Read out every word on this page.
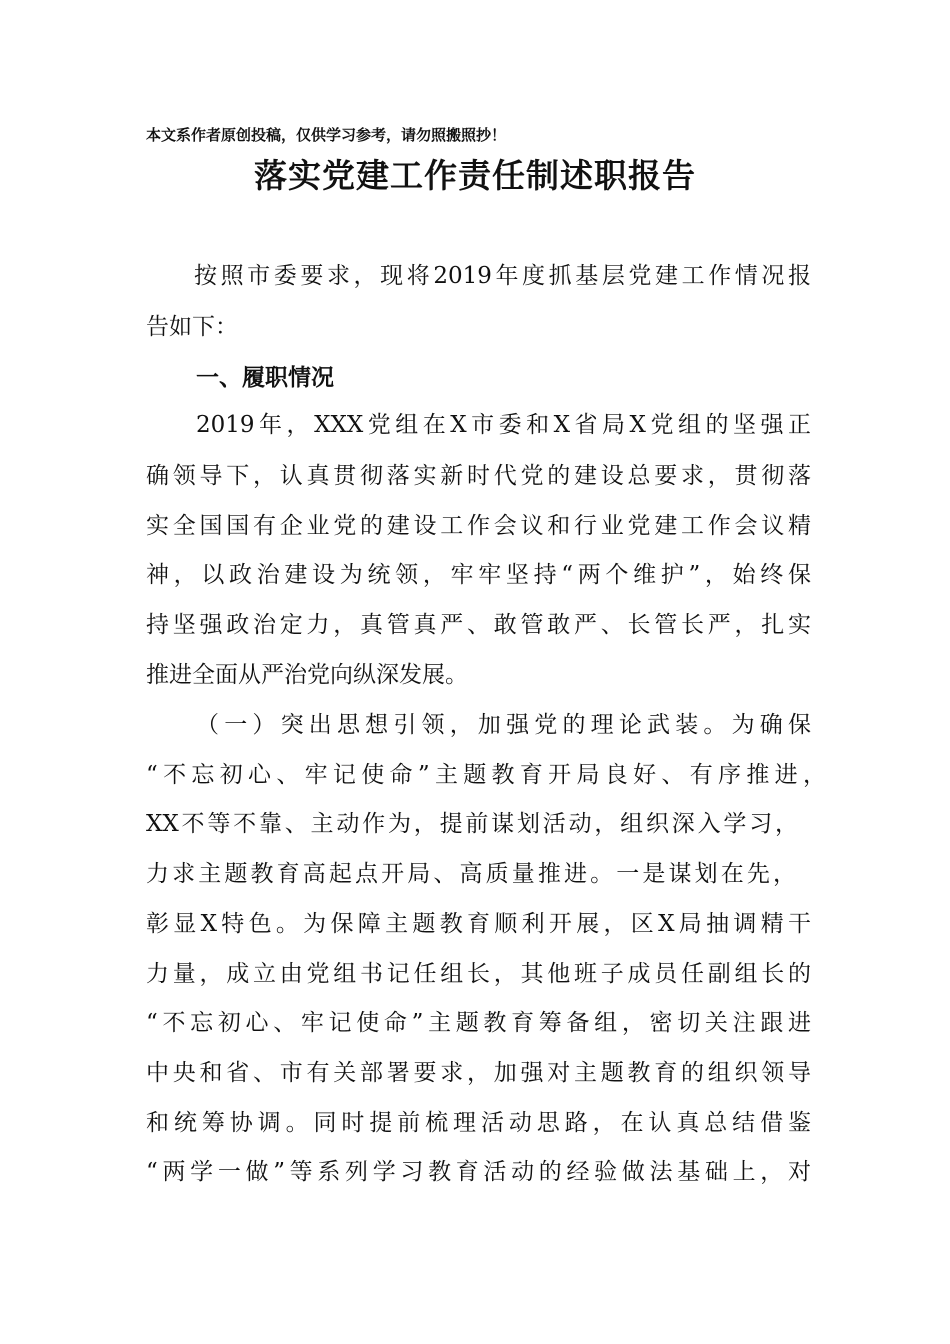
本文系作者原创投稿，仅供学习参考，请勿照搬照抄！
落实党建工作责任制述职报告
按照市委要求，现将2019年度抓基层党建工作情况报
告如下：
一、履职情况
2019年，XXX党组在X市委和X省局X党组的坚强正
确领导下，认真贯彻落实新时代党的建设总要求，贯彻落
实全国国有企业党的建设工作会议和行业党建工作会议精
神，以政治建设为统领，牢牢坚持“两个维护”，始终保
持坚强政治定力，真管真严、敢管敢严、长管长严，扎实
推进全面从严治党向纵深发展。
（一）突出思想引领，加强党的理论武装。为确保
“不忘初心、牢记使命”主题教育开局良好、有序推进，
XX不等不靠、主动作为，提前谋划活动，组织深入学习，
力求主题教育高起点开局、高质量推进。一是谋划在先，
彰显X特色。为保障主题教育顺利开展，区X局抽调精干
力量，成立由党组书记任组长，其他班子成员任副组长的
“不忘初心、牢记使命”主题教育筹备组，密切关注跟进
中央和省、市有关部署要求，加强对主题教育的组织领导
和统筹协调。同时提前梳理活动思路，在认真总结借鉴
“两学一做”等系列学习教育活动的经验做法基础上，对
